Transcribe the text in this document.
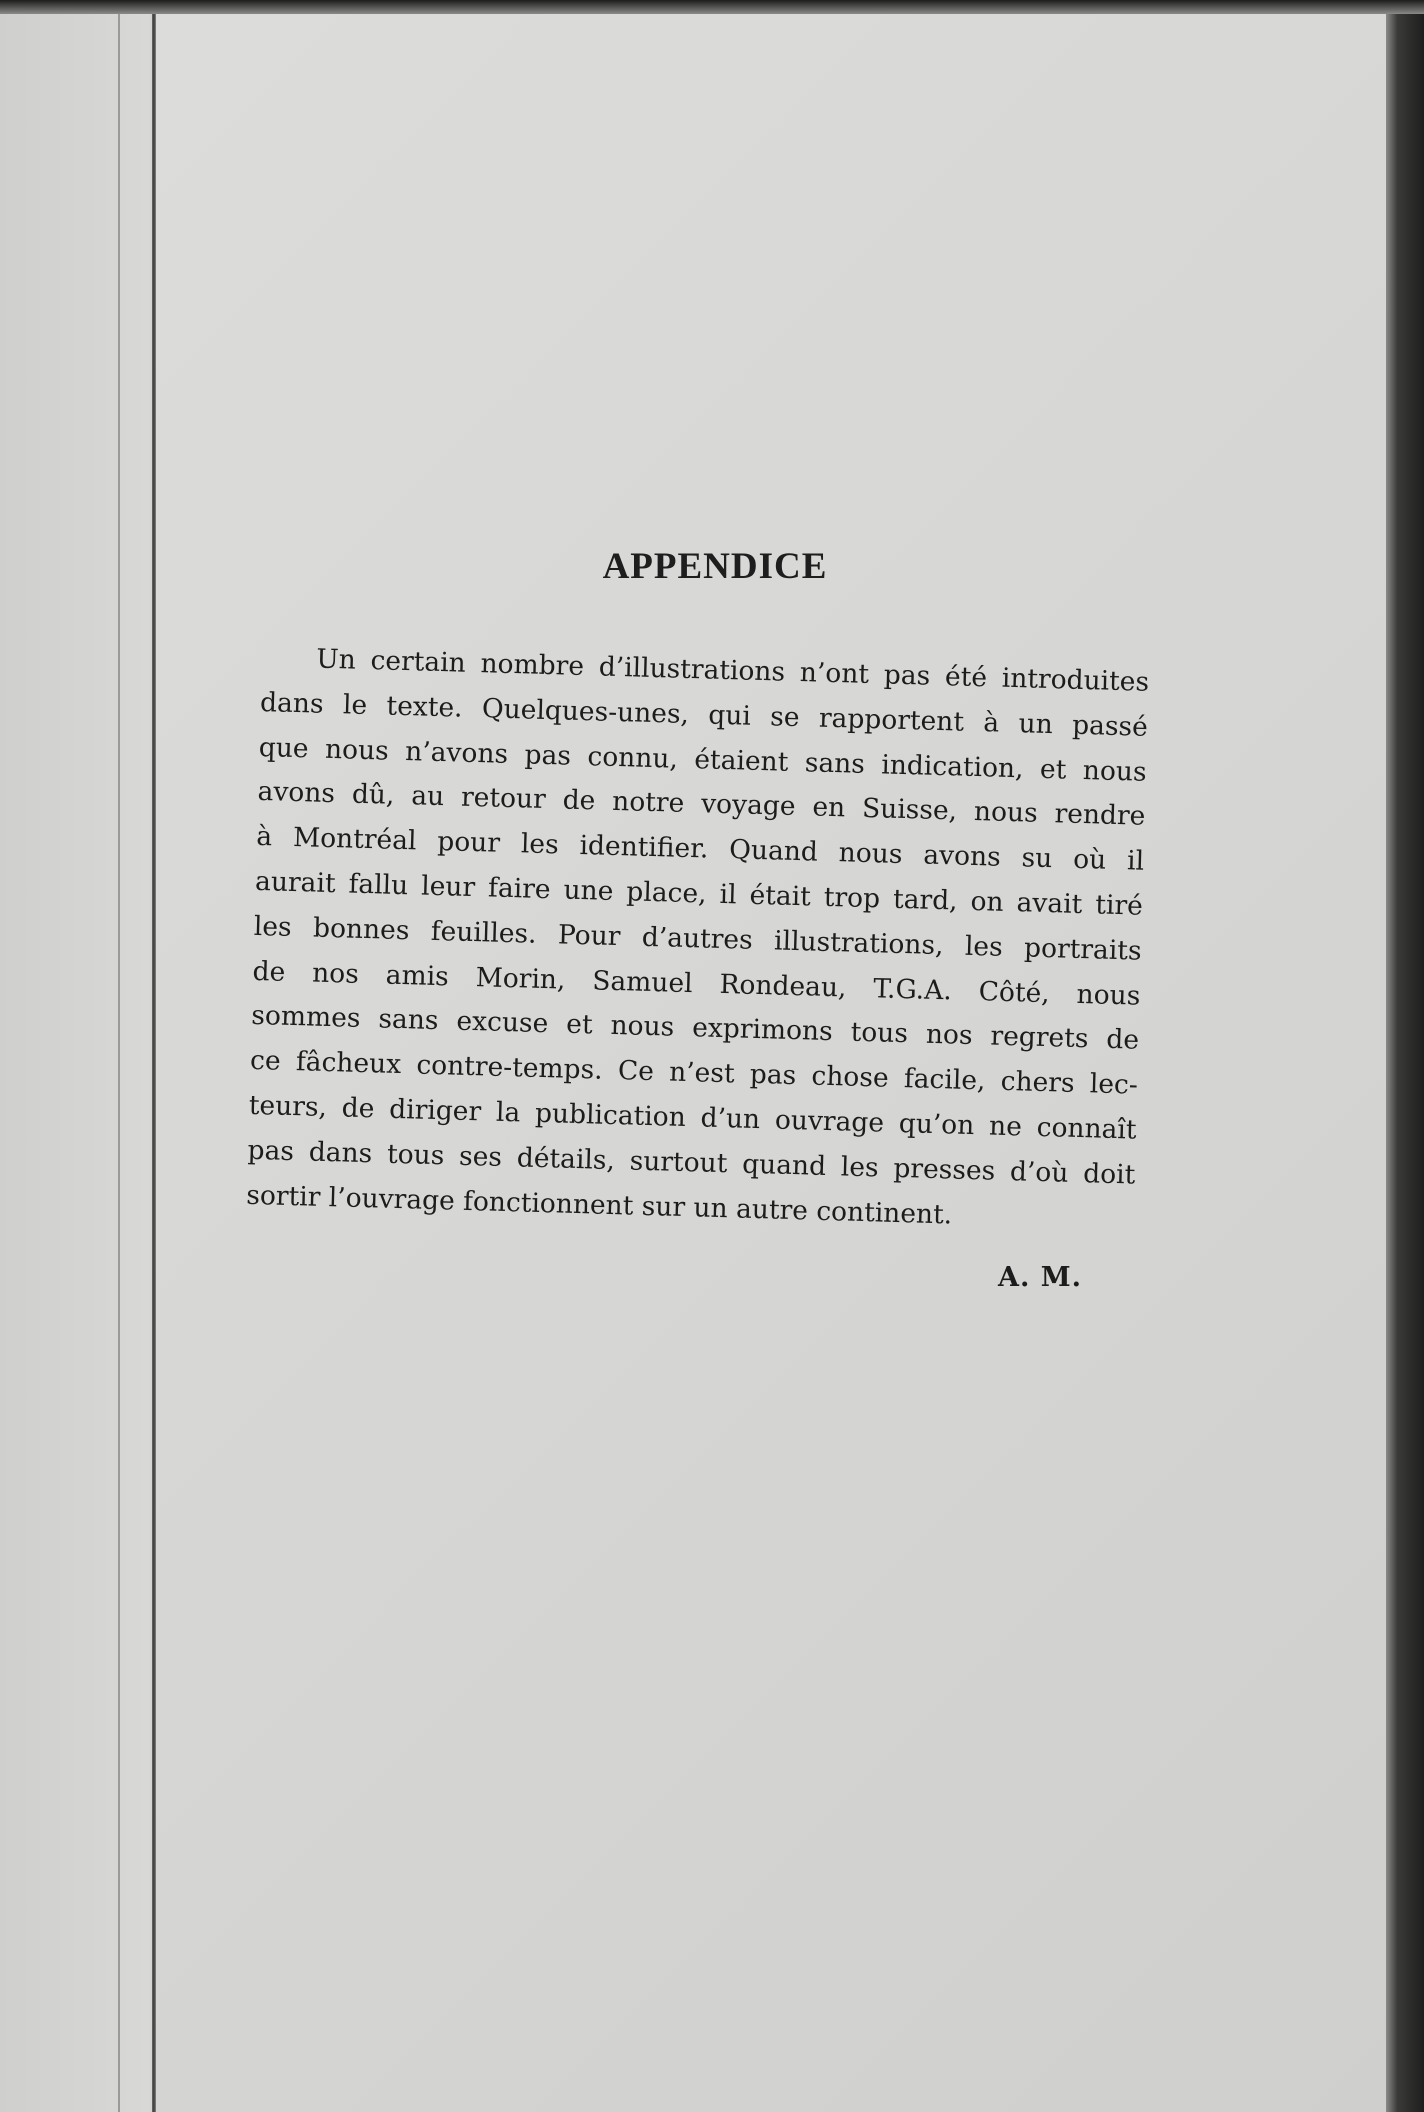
APPENDICE
Un certain nombre d’illustrations n’ont pas été introduites
dans le texte. Quelques-unes, qui se rapportent à un passé
que nous n’avons pas connu, étaient sans indication, et nous
avons dû, au retour de notre voyage en Suisse, nous rendre
à Montréal pour les identifier. Quand nous avons su où il
aurait fallu leur faire une place, il était trop tard, on avait tiré
les bonnes feuilles. Pour d’autres illustrations, les portraits
de nos amis Morin, Samuel Rondeau, T.G.A. Côté, nous
sommes sans excuse et nous exprimons tous nos regrets de
ce fâcheux contre-temps. Ce n’est pas chose facile, chers lec-
teurs, de diriger la publication d’un ouvrage qu’on ne connaît
pas dans tous ses détails, surtout quand les presses d’où doit
sortir l’ouvrage fonctionnent sur un autre continent.
A. M.
